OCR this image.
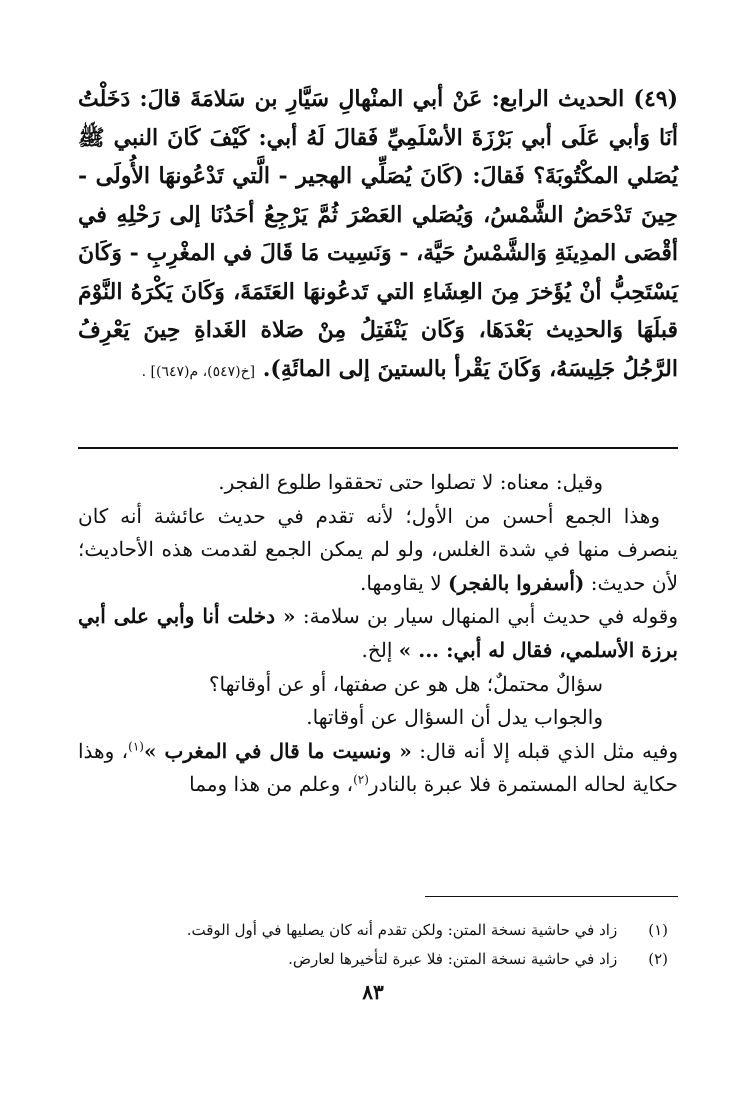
(٤٩) الحديث الرابع: عَنْ أبي المنْهالِ سَيَّارِ بن سَلامَةَ قالَ: دَخَلْتُ أنَا وَأبي عَلَى أبي بَرْزَةَ الأسْلَمِيِّ فَقالَ لَهُ أبي: كَيْفَ كَانَ النبي ﷺ يُصَلي المكْتُوبَةَ؟ فَقالَ: (كَانَ يُصَلِّي الهجير - الَّتي تَدْعُونهَا الأُولَى - حِينَ تَدْحَضُ الشَّمْسُ، وَيُصَلي العَصْرَ ثُمَّ يَرْجِعُ أحَدُنَا إلى رَحْلِهِ في أقْصَى المدِينَةِ وَالشَّمْسُ حَيَّة، - وَنَسِيت مَا قَالَ في المغْرِبِ - وَكَانَ يَسْتَحِبُّ أنْ يُؤَخرَ مِنَ العِشَاءِ التي تَدعُونهَا العَتَمَةَ، وَكَانَ يَكْرَهُ النَّوْمَ قبلَهَا وَالحدِيث بَعْدَهَا، وَكَان يَنْفَتِلُ مِنْ صَلاة الغَداةِ حِينَ يَعْرِفُ الرَّجُلُ جَلِيسَهُ، وَكَانَ يَقْرأ بالستينَ إلى المائَةِ). [خ(٥٤٧)، م(٦٤٧)] .

وقيل: معناه: لا تصلوا حتى تحققوا طلوع الفجر.

وهذا الجمع أحسن من الأول؛ لأنه تقدم في حديث عائشة أنه كان ينصرف منها في شدة الغلس، ولو لم يمكن الجمع لقدمت هذه الأحاديث؛ لأن حديث: (أسفروا بالفجر) لا يقاومها.

وقوله في حديث أبي المنهال سيار بن سلامة: « دخلت أنا وأبي على أبي برزة الأسلمي، فقال له أبي: ... » إلخ.

سؤالٌ محتملٌ؛ هل هو عن صفتها، أو عن أوقاتها؟

والجواب يدل أن السؤال عن أوقاتها.

وفيه مثل الذي قبله إلا أنه قال: « ونسيت ما قال في المغرب »$^{(١)}$، وهذا حكاية لحاله المستمرة فلا عبرة بالنادر$^{(٢)}$، وعلم من هذا ومما

(١) زاد في حاشية نسخة المتن: ولكن تقدم أنه كان يصليها في أول الوقت.
(٢) زاد في حاشية نسخة المتن: فلا عبرة لتأخيرها لعارض.
٨٣
